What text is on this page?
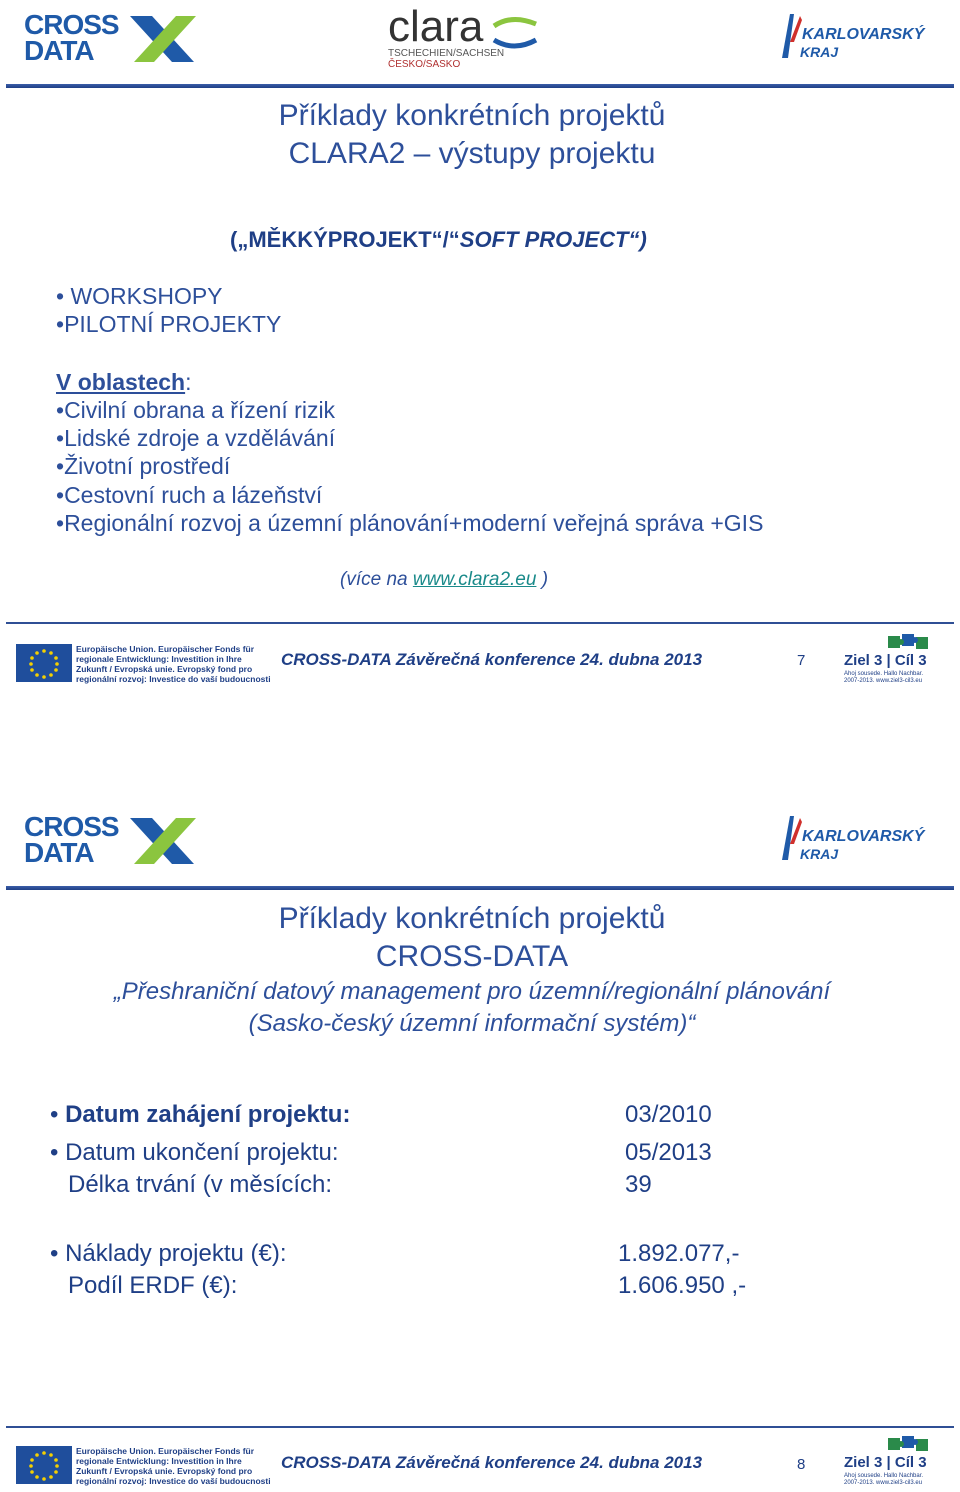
CROSS
DATA	clara
TSCHECHIEN/SACHSEN
ČESKO/SASKO
KARLOVARSKÝ
KRAJ
Příklady konkrétních projektů
CLARA2 – výstupy projektu
(„MĚKKÝPROJEKT“/“SOFT PROJECT“)
• WORKSHOPY
•PILOTNÍ PROJEKTY
V oblastech:
•Civilní obrana a řízení rizik
•Lidské zdroje a vzdělávání
•Životní prostředí
•Cestovní ruch a lázeňství
•Regionální rozvoj a územní plánování+moderní veřejná správa +GIS
(více na www.clara2.eu )
Europäische Union. Europäischer Fonds für
regionale Entwicklung: Investition in Ihre
Zukunft / Evropská unie. Evropský fond pro
regionální rozvoj: Investice do vaší budoucnosti
CROSS-DATA Závěrečná konference 24. dubna 2013	7	Ziel 3 | Cíl 3
Ahoj sousede. Hallo Nachbar.
2007-2013. www.ziel3-cil3.eu
CROSS
DATA
KARLOVARSKÝ
KRAJ
Příklady konkrétních projektů
CROSS-DATA
„Přeshraniční datový management pro územní/regionální plánování
(Sasko-český územní informační systém)“
• Datum zahájení projektu:	03/2010
• Datum ukončení projektu:	05/2013
Délka trvání (v měsících:	39
• Náklady projektu (€):	1.892.077,-
Podíl ERDF (€):	1.606.950 ,-
Europäische Union. Europäischer Fonds für
regionale Entwicklung: Investition in Ihre
Zukunft / Evropská unie. Evropský fond pro
regionální rozvoj: Investice do vaší budoucnosti
CROSS-DATA Závěrečná konference 24. dubna 2013	8	Ziel 3 | Cíl 3
Ahoj sousede. Hallo Nachbar.
2007-2013. www.ziel3-cil3.eu
